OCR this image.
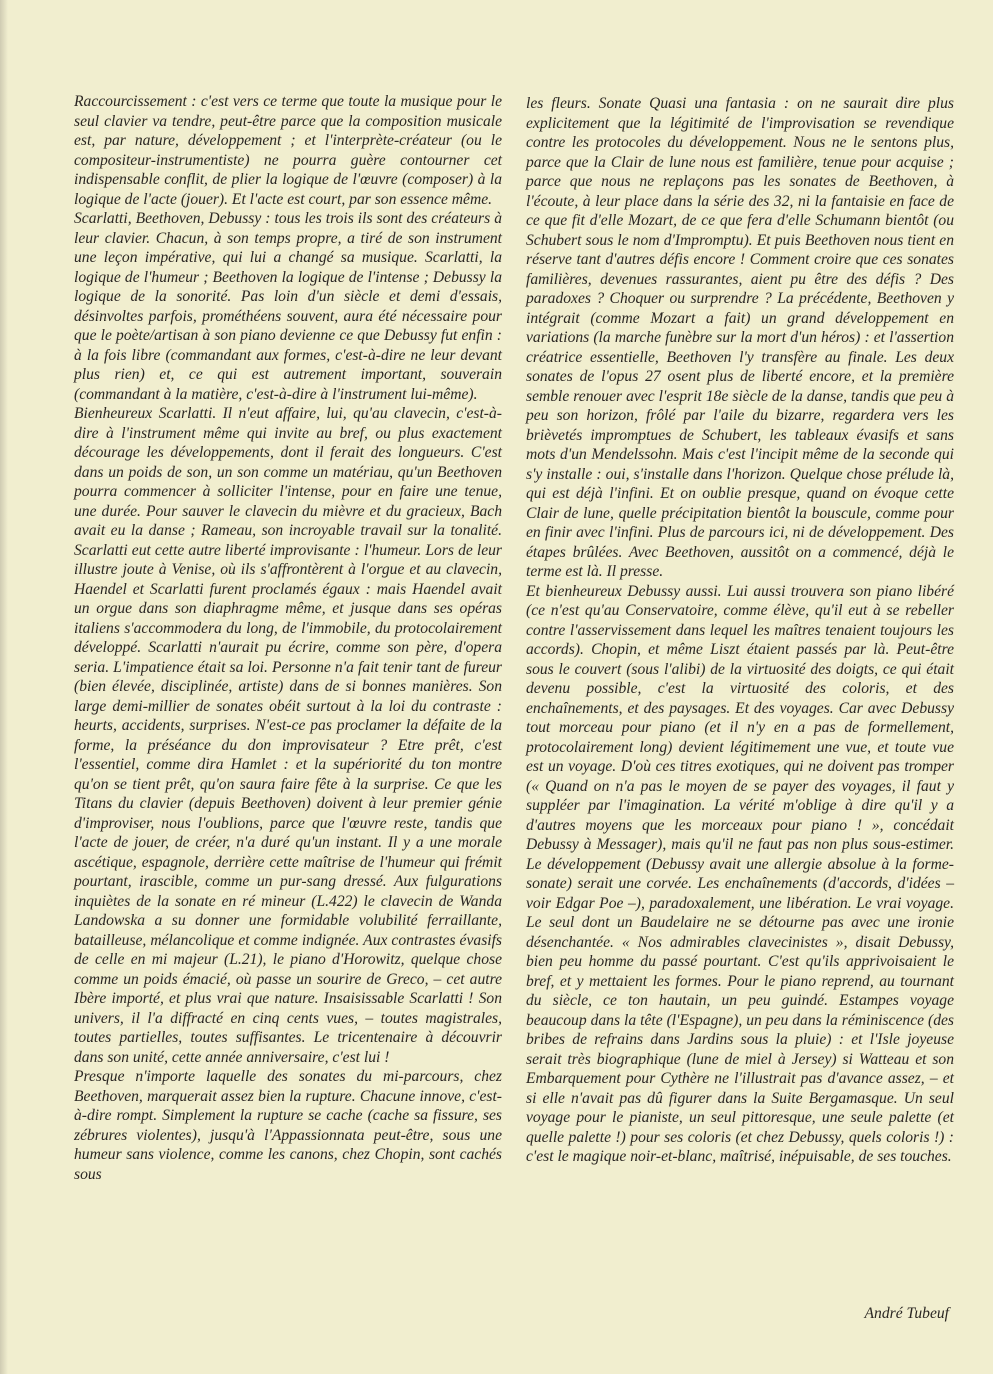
Raccourcissement : c'est vers ce terme que toute la musique pour le seul clavier va tendre, peut-être parce que la composition musicale est, par nature, développement ; et l'interprète-créateur (ou le compositeur-instrumentiste) ne pourra guère contourner cet indispensable conflit, de plier la logique de l'œuvre (composer) à la logique de l'acte (jouer). Et l'acte est court, par son essence même.

Scarlatti, Beethoven, Debussy : tous les trois ils sont des créateurs à leur clavier. Chacun, à son temps propre, a tiré de son instrument une leçon impérative, qui lui a changé sa musique. Scarlatti, la logique de l'humeur ; Beethoven la logique de l'intense ; Debussy la logique de la sonorité. Pas loin d'un siècle et demi d'essais, désinvoltes parfois, prométhéens souvent, aura été nécessaire pour que le poète/artisan à son piano devienne ce que Debussy fut enfin : à la fois libre (commandant aux formes, c'est-à-dire ne leur devant plus rien) et, ce qui est autrement important, souverain (commandant à la matière, c'est-à-dire à l'instrument lui-même).

Bienheureux Scarlatti. Il n'eut affaire, lui, qu'au clavecin, c'est-à-dire à l'instrument même qui invite au bref, ou plus exactement décourage les développements, dont il ferait des longueurs. C'est dans un poids de son, un son comme un matériau, qu'un Beethoven pourra commencer à solliciter l'intense, pour en faire une tenue, une durée. Pour sauver le clavecin du mièvre et du gracieux, Bach avait eu la danse ; Rameau, son incroyable travail sur la tonalité. Scarlatti eut cette autre liberté improvisante : l'humeur. Lors de leur illustre joute à Venise, où ils s'affrontèrent à l'orgue et au clavecin, Haendel et Scarlatti furent proclamés égaux : mais Haendel avait un orgue dans son diaphragme même, et jusque dans ses opéras italiens s'accommodera du long, de l'immobile, du protocolairement développé. Scarlatti n'aurait pu écrire, comme son père, d'opera seria. L'impatience était sa loi. Personne n'a fait tenir tant de fureur (bien élevée, disciplinée, artiste) dans de si bonnes manières. Son large demi-millier de sonates obéit surtout à la loi du contraste : heurts, accidents, surprises. N'est-ce pas proclamer la défaite de la forme, la préséance du don improvisateur ? Etre prêt, c'est l'essentiel, comme dira Hamlet : et la supériorité du ton montre qu'on se tient prêt, qu'on saura faire fête à la surprise. Ce que les Titans du clavier (depuis Beethoven) doivent à leur premier génie d'improviser, nous l'oublions, parce que l'œuvre reste, tandis que l'acte de jouer, de créer, n'a duré qu'un instant. Il y a une morale ascétique, espagnole, derrière cette maîtrise de l'humeur qui frémit pourtant, irascible, comme un pur-sang dressé. Aux fulgurations inquiètes de la sonate en ré mineur (L.422) le clavecin de Wanda Landowska a su donner une formidable volubilité ferraillante, batailleuse, mélancolique et comme indignée. Aux contrastes évasifs de celle en mi majeur (L.21), le piano d'Horowitz, quelque chose comme un poids émacié, où passe un sourire de Greco, – cet autre Ibère importé, et plus vrai que nature. Insaisissable Scarlatti ! Son univers, il l'a diffracté en cinq cents vues, – toutes magistrales, toutes partielles, toutes suffisantes. Le tricentenaire à découvrir dans son unité, cette année anniversaire, c'est lui !

Presque n'importe laquelle des sonates du mi-parcours, chez Beethoven, marquerait assez bien la rupture. Chacune innove, c'est-à-dire rompt. Simplement la rupture se cache (cache sa fissure, ses zébrures violentes), jusqu'à l'Appassionnata peut-être, sous une humeur sans violence, comme les canons, chez Chopin, sont cachés sous

les fleurs. Sonate Quasi una fantasia : on ne saurait dire plus explicitement que la légitimité de l'improvisation se revendique contre les protocoles du développement. Nous ne le sentons plus, parce que la Clair de lune nous est familière, tenue pour acquise ; parce que nous ne replaçons pas les sonates de Beethoven, à l'écoute, à leur place dans la série des 32, ni la fantaisie en face de ce que fit d'elle Mozart, de ce que fera d'elle Schumann bientôt (ou Schubert sous le nom d'Impromptu). Et puis Beethoven nous tient en réserve tant d'autres défis encore ! Comment croire que ces sonates familières, devenues rassurantes, aient pu être des défis ? Des paradoxes ? Choquer ou surprendre ? La précédente, Beethoven y intégrait (comme Mozart a fait) un grand développement en variations (la marche funèbre sur la mort d'un héros) : et l'assertion créatrice essentielle, Beethoven l'y transfère au finale. Les deux sonates de l'opus 27 osent plus de liberté encore, et la première semble renouer avec l'esprit 18e siècle de la danse, tandis que peu à peu son horizon, frôlé par l'aile du bizarre, regardera vers les brièvetés impromptues de Schubert, les tableaux évasifs et sans mots d'un Mendelssohn. Mais c'est l'incipit même de la seconde qui s'y installe : oui, s'installe dans l'horizon. Quelque chose prélude là, qui est déjà l'infini. Et on oublie presque, quand on évoque cette Clair de lune, quelle précipitation bientôt la bouscule, comme pour en finir avec l'infini. Plus de parcours ici, ni de développement. Des étapes brûlées. Avec Beethoven, aussitôt on a commencé, déjà le terme est là. Il presse.

Et bienheureux Debussy aussi. Lui aussi trouvera son piano libéré (ce n'est qu'au Conservatoire, comme élève, qu'il eut à se rebeller contre l'asservissement dans lequel les maîtres tenaient toujours les accords). Chopin, et même Liszt étaient passés par là. Peut-être sous le couvert (sous l'alibi) de la virtuosité des doigts, ce qui était devenu possible, c'est la virtuosité des coloris, et des enchaînements, et des paysages. Et des voyages. Car avec Debussy tout morceau pour piano (et il n'y en a pas de formellement, protocolairement long) devient légitimement une vue, et toute vue est un voyage. D'où ces titres exotiques, qui ne doivent pas tromper (« Quand on n'a pas le moyen de se payer des voyages, il faut y suppléer par l'imagination. La vérité m'oblige à dire qu'il y a d'autres moyens que les morceaux pour piano ! », concédait Debussy à Messager), mais qu'il ne faut pas non plus sous-estimer. Le développement (Debussy avait une allergie absolue à la forme-sonate) serait une corvée. Les enchaînements (d'accords, d'idées – voir Edgar Poe –), paradoxalement, une libération. Le vrai voyage. Le seul dont un Baudelaire ne se détourne pas avec une ironie désenchantée. « Nos admirables clavecinistes », disait Debussy, bien peu homme du passé pourtant. C'est qu'ils apprivoisaient le bref, et y mettaient les formes. Pour le piano reprend, au tournant du siècle, ce ton hautain, un peu guindé. Estampes voyage beaucoup dans la tête (l'Espagne), un peu dans la réminiscence (des bribes de refrains dans Jardins sous la pluie) : et l'Isle joyeuse serait très biographique (lune de miel à Jersey) si Watteau et son Embarquement pour Cythère ne l'illustrait pas d'avance assez, – et si elle n'avait pas dû figurer dans la Suite Bergamasque. Un seul voyage pour le pianiste, un seul pittoresque, une seule palette (et quelle palette !) pour ses coloris (et chez Debussy, quels coloris !) : c'est le magique noir-et-blanc, maîtrisé, inépuisable, de ses touches.

André Tubeuf
